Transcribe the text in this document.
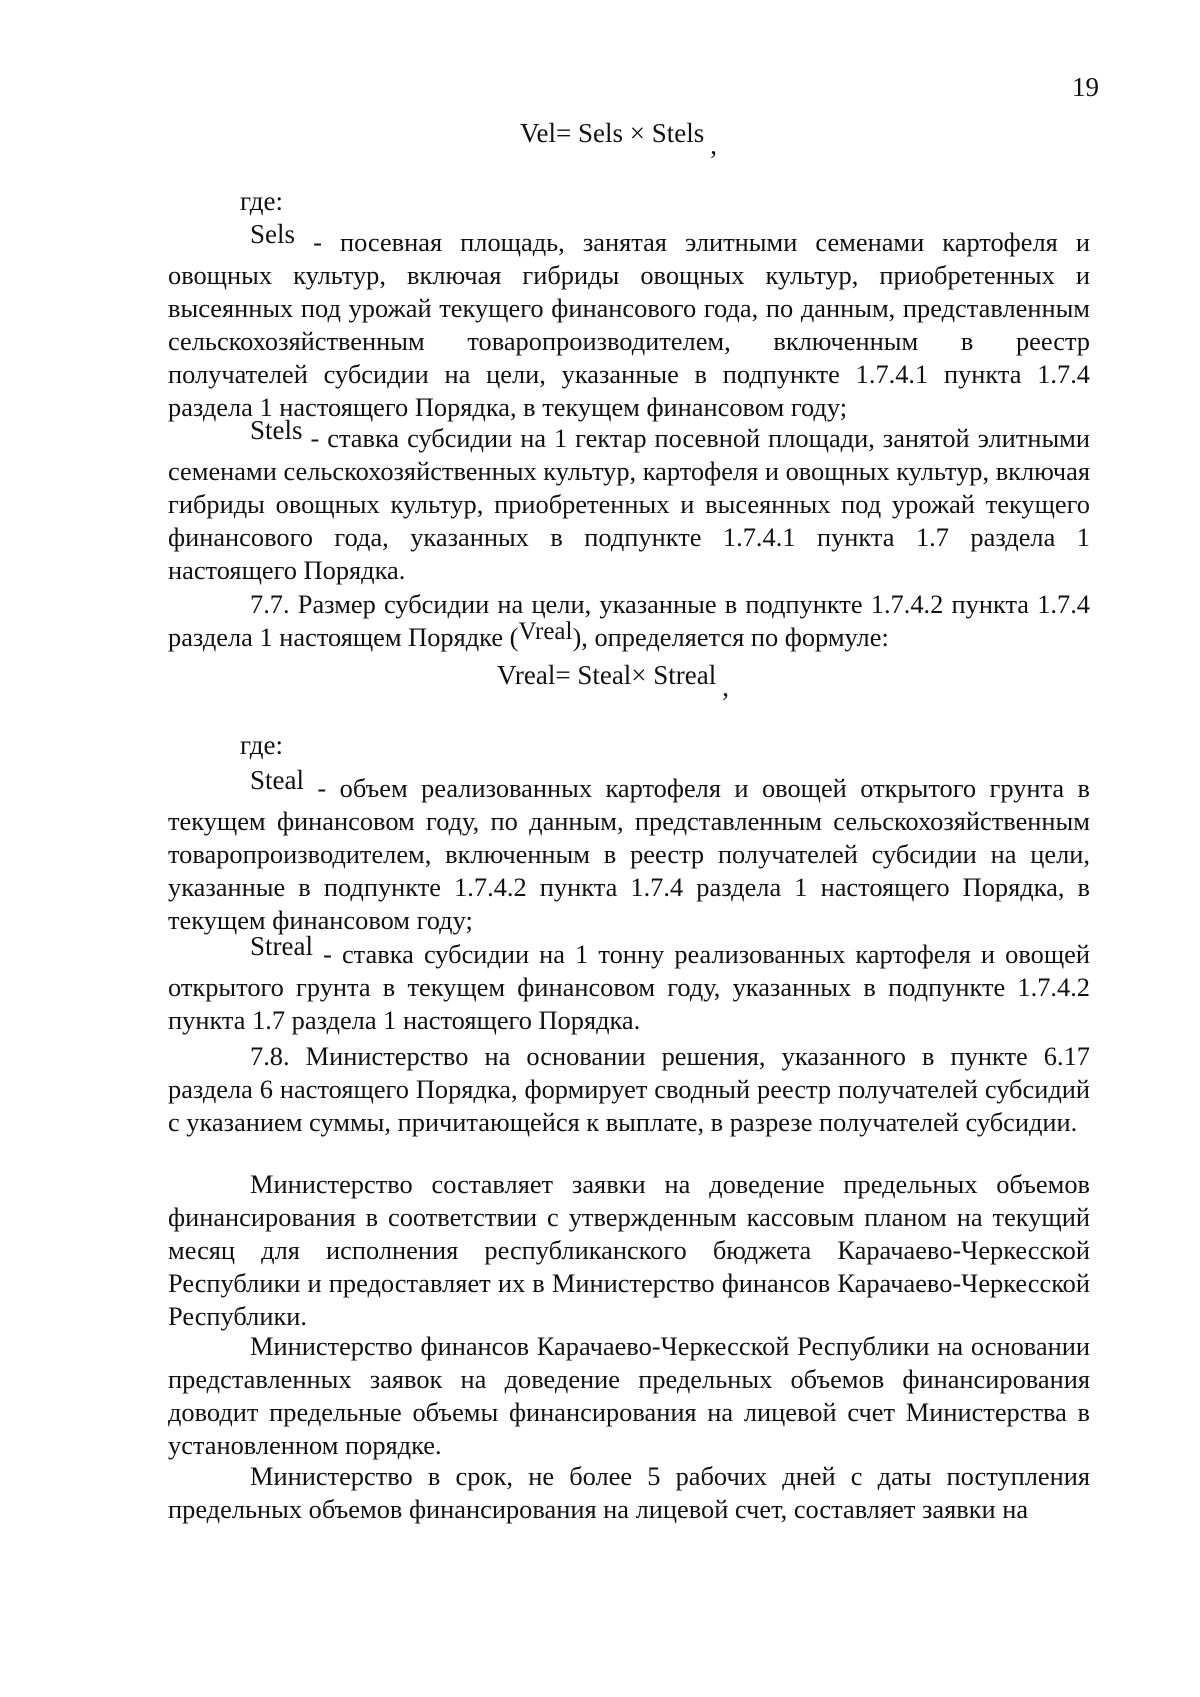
19
Vel= Sels × Stels ,
где:

Sels - посевная площадь, занятая элитными семенами картофеля и овощных культур, включая гибриды овощных культур, приобретенных и высеянных под урожай текущего финансового года, по данным, представленным сельскохозяйственным товаропроизводителем, включенным в реестр получателей субсидии на цели, указанные в подпункте 1.7.4.1 пункта 1.7.4 раздела 1 настоящего Порядка, в текущем финансовом году;

Stels - ставка субсидии на 1 гектар посевной площади, занятой элитными семенами сельскохозяйственных культур, картофеля и овощных культур, включая гибриды овощных культур, приобретенных и высеянных под урожай текущего финансового года, указанных в подпункте 1.7.4.1 пункта 1.7 раздела 1 настоящего Порядка.

7.7. Размер субсидии на цели, указанные в подпункте 1.7.4.2 пункта 1.7.4 раздела 1 настоящем Порядке (Vreal), определяется по формуле:

Vreal= Steal× Streal ,
где:

Steal - объем реализованных картофеля и овощей открытого грунта в текущем финансовом году, по данным, представленным сельскохозяйственным товаропроизводителем, включенным в реестр получателей субсидии на цели, указанные в подпункте 1.7.4.2 пункта 1.7.4 раздела 1 настоящего Порядка, в текущем финансовом году;

Streal - ставка субсидии на 1 тонну реализованных картофеля и овощей открытого грунта в текущем финансовом году, указанных в подпункте 1.7.4.2 пункта 1.7 раздела 1 настоящего Порядка.

7.8. Министерство на основании решения, указанного в пункте 6.17 раздела 6 настоящего Порядка, формирует сводный реестр получателей субсидий с указанием суммы, причитающейся к выплате, в разрезе получателей субсидии.

Министерство составляет заявки на доведение предельных объемов финансирования в соответствии с утвержденным кассовым планом на текущий месяц для исполнения республиканского бюджета Карачаево-Черкесской Республики и предоставляет их в Министерство финансов Карачаево-Черкесской Республики.

Министерство финансов Карачаево-Черкесской Республики на основании представленных заявок на доведение предельных объемов финансирования доводит предельные объемы финансирования на лицевой счет Министерства в установленном порядке.

Министерство в срок, не более 5 рабочих дней с даты поступления предельных объемов финансирования на лицевой счет, составляет заявки на
